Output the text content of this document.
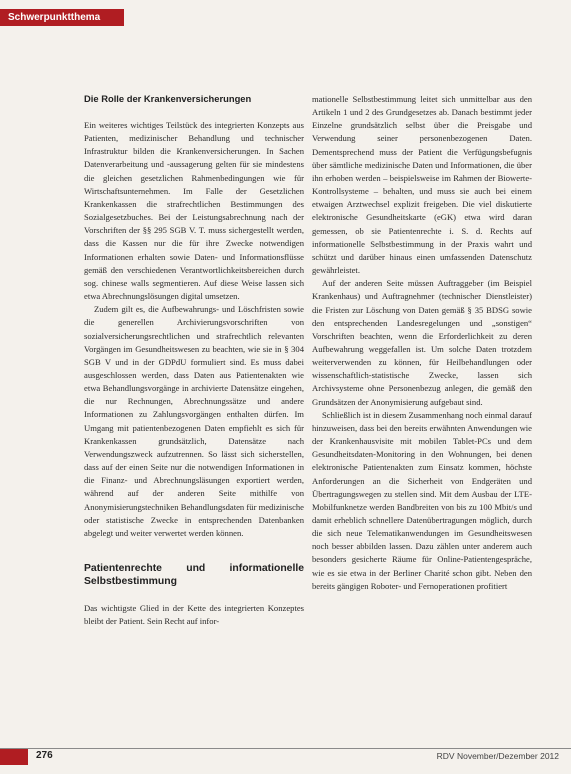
Schwerpunktthema
Die Rolle der Krankenversicherungen

Ein weiteres wichtiges Teilstück des integrierten Konzepts aus Patienten, medizinischer Behandlung und technischer Infrastruktur bilden die Krankenversicherungen. In Sachen Datenverarbeitung und -aussagerung gelten für sie mindestens die gleichen gesetzlichen Rahmenbedingungen wie für Wirtschaftsunternehmen. Im Falle der Gesetzlichen Krankenkassen die strafrechtlichen Bestimmungen des Sozialgesetzbuches. Bei der Leistungsabrechnung nach der Vorschriften der §§ 295 SGB V. T. muss sichergestellt werden, dass die Kassen nur die für ihre Zwecke notwendigen Informationen erhalten sowie Daten- und Informationsflüsse gemäß den verschiedenen Verantwortlichkeitsbereichen durch sog. chinese walls segmentieren. Auf diese Weise lassen sich etwa Abrechnungslösungen digital umsetzen.

Zudem gilt es, die Aufbewahrungs- und Löschfristen sowie die generellen Archivierungsvorschriften von sozialversicherungsrechtlichen und strafrechtlich relevanten Vorgängen im Gesundheitswesen zu beachten, wie sie in § 304 SGB V und in der GDPdU formuliert sind. Es muss dabei ausgeschlossen werden, dass Daten aus Patientenakten wie etwa Behandlungsvorgänge in archivierte Datensätze eingehen, die nur Rechnungen, Abrechnungssätze und andere Informationen zu Zahlungsvorgängen enthalten dürfen. Im Umgang mit patientenbezogenen Daten empfiehlt es sich für Krankenkassen grundsätzlich, Datensätze nach Verwendungszweck aufzutrennen. So lässt sich sicherstellen, dass auf der einen Seite nur die notwendigen Informationen in die Finanz- und Abrechnungsläsungen exportiert werden, während auf der anderen Seite mithilfe von Anonymisierungstechniken Behandlungsdaten für medizinische oder statistische Zwecke in entsprechenden Datenbanken abgelegt und weiter verwertet werden können.

Patientenrechte und informationelle Selbstbestimmung

Das wichtigste Glied in der Kette des integrierten Konzeptes bleibt der Patient. Sein Recht auf infor-

mationelle Selbstbestimmung leitet sich unmittelbar aus den Artikeln 1 und 2 des Grundgesetzes ab. Danach bestimmt jeder Einzelne grundsätzlich selbst über die Preisgabe und Verwendung seiner personenbezogenen Daten. Dementsprechend muss der Patient die Verfügungsbefugnis über sämtliche medizinische Daten und Informationen, die über ihn erhoben werden – beispielsweise im Rahmen der Biowerte-Kontrollsysteme – behalten, und muss sie auch bei einem etwaigen Arztwechsel explizit freigeben. Die viel diskutierte elektronische Gesundheitskarte (eGK) etwa wird daran gemessen, ob sie Patientenrechte i. S. d. Rechts auf informationelle Selbstbestimmung in der Praxis wahrt und schützt und darüber hinaus einen umfassenden Datenschutz gewährleistet.

Auf der anderen Seite müssen Auftraggeber (im Beispiel Krankenhaus) und Auftragnehmer (technischer Dienstleister) die Fristen zur Löschung von Daten gemäß § 35 BDSG sowie den entsprechenden Landesregelungen und „sonstigen“ Vorschriften beachten, wenn die Erforderlichkeit zu deren Aufbewahrung weggefallen ist. Um solche Daten trotzdem weiterverwenden zu können, für Heilbehandlungen oder wissenschaftlich-statistische Zwecke, lassen sich Archivsysteme ohne Personenbezug anlegen, die gemäß den Grundsätzen der Anonymisierung aufgebaut sind.

Schließlich ist in diesem Zusammenhang noch einmal darauf hinzuweisen, dass bei den bereits erwähnten Anwendungen wie der Krankenhausvisite mit mobilen Tablet-PCs und dem Gesundheitsdaten-Monitoring in den Wohnungen, bei denen elektronische Patientenakten zum Einsatz kommen, höchste Anforderungen an die Sicherheit von Endgeräten und Übertragungswegen zu stellen sind. Mit dem Ausbau der LTE-Mobilfunknetze werden Bandbreiten von bis zu 100 Mbit/s und damit erheblich schnellere Datenübertragungen möglich, durch die sich neue Telematikanwendungen im Gesundheitswesen noch besser abbilden lassen. Dazu zählen unter anderem auch besonders gesicherte Räume für Online-Patientengespräche, wie es sie etwa in der Berliner Charité schon gibt. Neben den bereits gängigen Roboter- und Fernoperationen profitiert

276	RDV November/Dezember 2012
